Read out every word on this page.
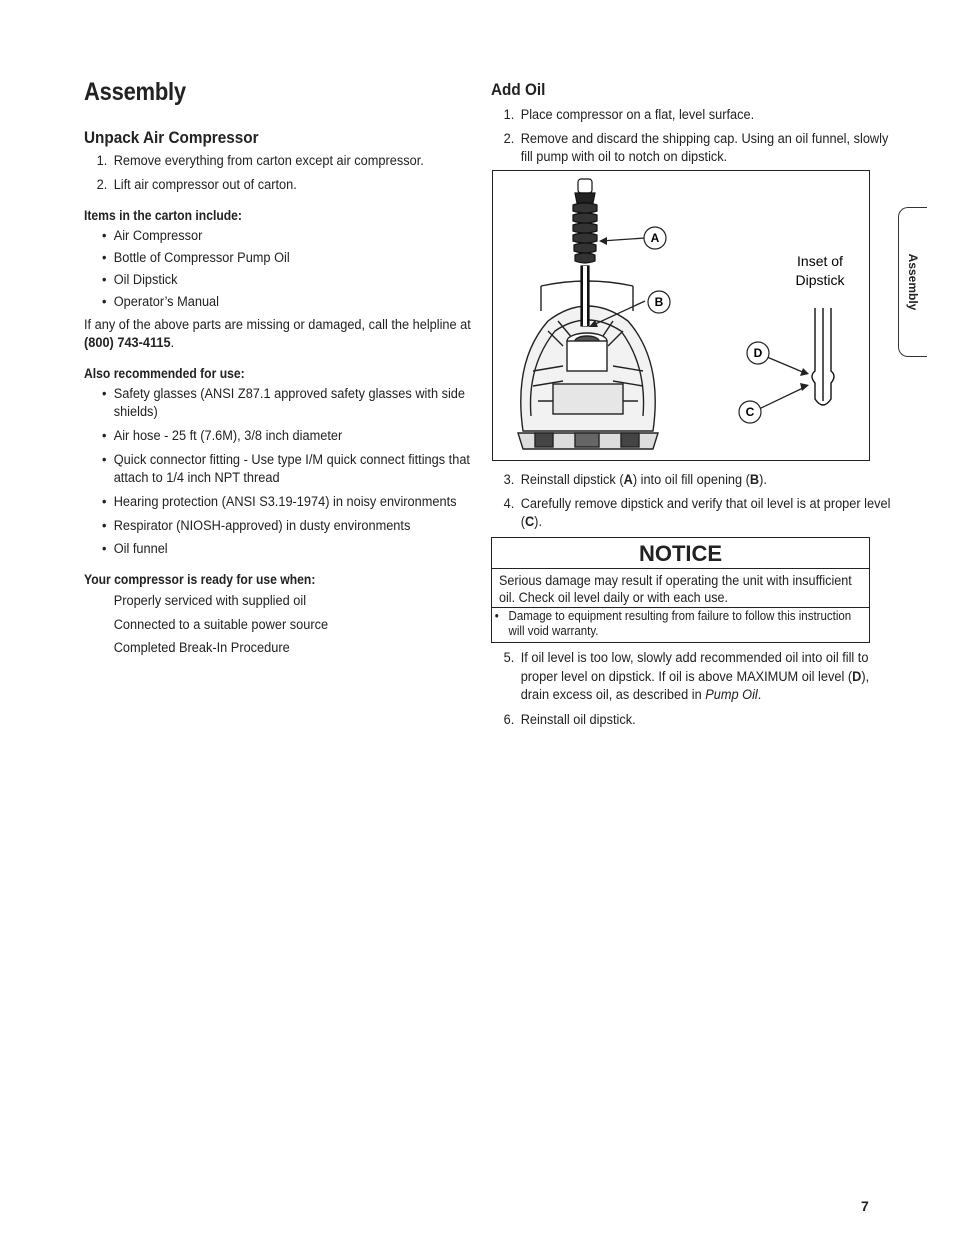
Assembly
Unpack Air Compressor
1. Remove everything from carton except air compressor.
2. Lift air compressor out of carton.

Items in the carton include:

• Air Compressor
• Bottle of Compressor Pump Oil
• Oil Dipstick
• Operator’s Manual

If any of the above parts are missing or damaged, call the helpline at (800) 743-4115.

Also recommended for use:

• Safety glasses (ANSI Z87.1 approved safety glasses with side shields)
• Air hose - 25 ft (7.6M), 3/8 inch diameter
• Quick connector fitting - Use type I/M quick connect fittings that attach to 1/4 inch NPT thread
• Hearing protection (ANSI S3.19-1974) in noisy environments
• Respirator (NIOSH-approved) in dusty environments
• Oil funnel

Your compressor is ready for use when:

Properly serviced with supplied oil
Connected to a suitable power source
Completed Break-In Procedure
Add Oil
1. Place compressor on a flat, level surface.
2. Remove and discard the shipping cap. Using an oil funnel, slowly fill pump with oil to notch on dipstick.
A
B
Inset of
Dipstick
D
C
3. Reinstall dipstick (A) into oil fill opening (B).
4. Carefully remove dipstick and verify that oil level is at proper level (C).
NOTICE
Serious damage may result if operating the unit with insufficient oil. Check oil level daily or with each use.
• Damage to equipment resulting from failure to follow this instruction will void warranty.
5. If oil level is too low, slowly add recommended oil into oil fill to proper level on dipstick. If oil is above MAXIMUM oil level (D), drain excess oil, as described in Pump Oil.
6. Reinstall oil dipstick.
Assembly
7
